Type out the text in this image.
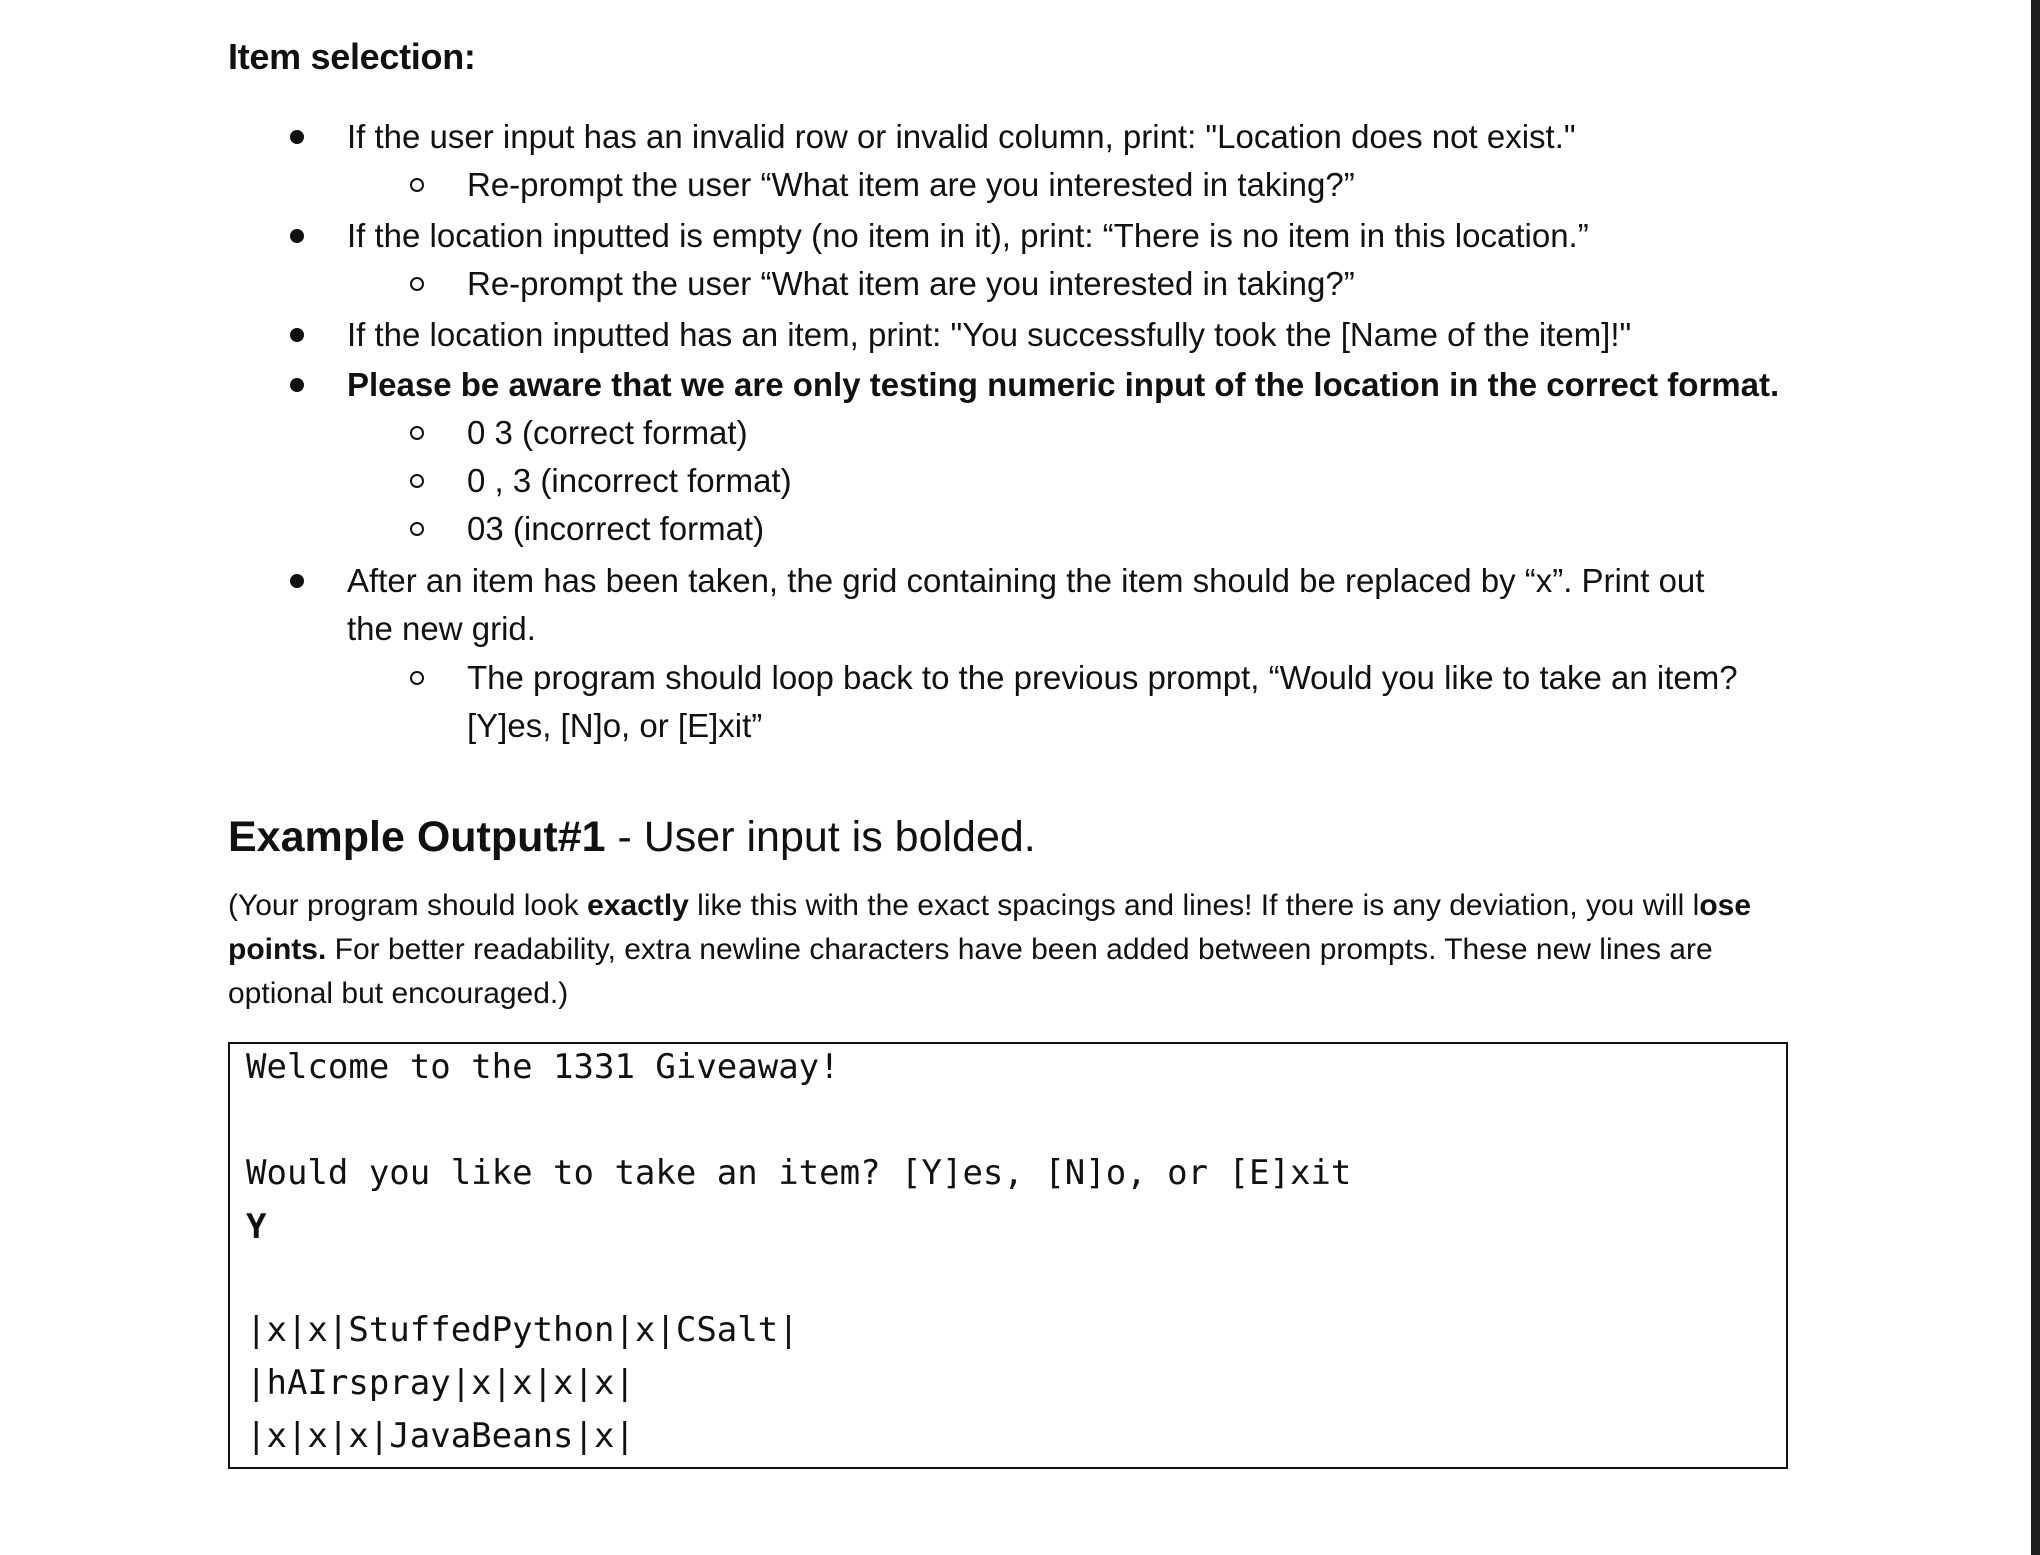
Item selection:
If the user input has an invalid row or invalid column, print: "Location does not exist."
Re-prompt the user “What item are you interested in taking?”
If the location inputted is empty (no item in it), print: “There is no item in this location.”
Re-prompt the user “What item are you interested in taking?”
If the location inputted has an item, print: "You successfully took the [Name of the item]!"
Please be aware that we are only testing numeric input of the location in the correct format.
0 3 (correct format)
0 , 3 (incorrect format)
03 (incorrect format)
After an item has been taken, the grid containing the item should be replaced by “x”. Print out
the new grid.
The program should loop back to the previous prompt, “Would you like to take an item?
[Y]es, [N]o, or [E]xit”
Example Output#1 - User input is bolded.
(Your program should look exactly like this with the exact spacings and lines! If there is any deviation, you will lose
points. For better readability, extra newline characters have been added between prompts. These new lines are
optional but encouraged.)
Welcome to the 1331 Giveaway!
Would you like to take an item? [Y]es, [N]o, or [E]xit
Y
|x|x|StuffedPython|x|CSalt|
|hAIrspray|x|x|x|x|
|x|x|x|JavaBeans|x|
